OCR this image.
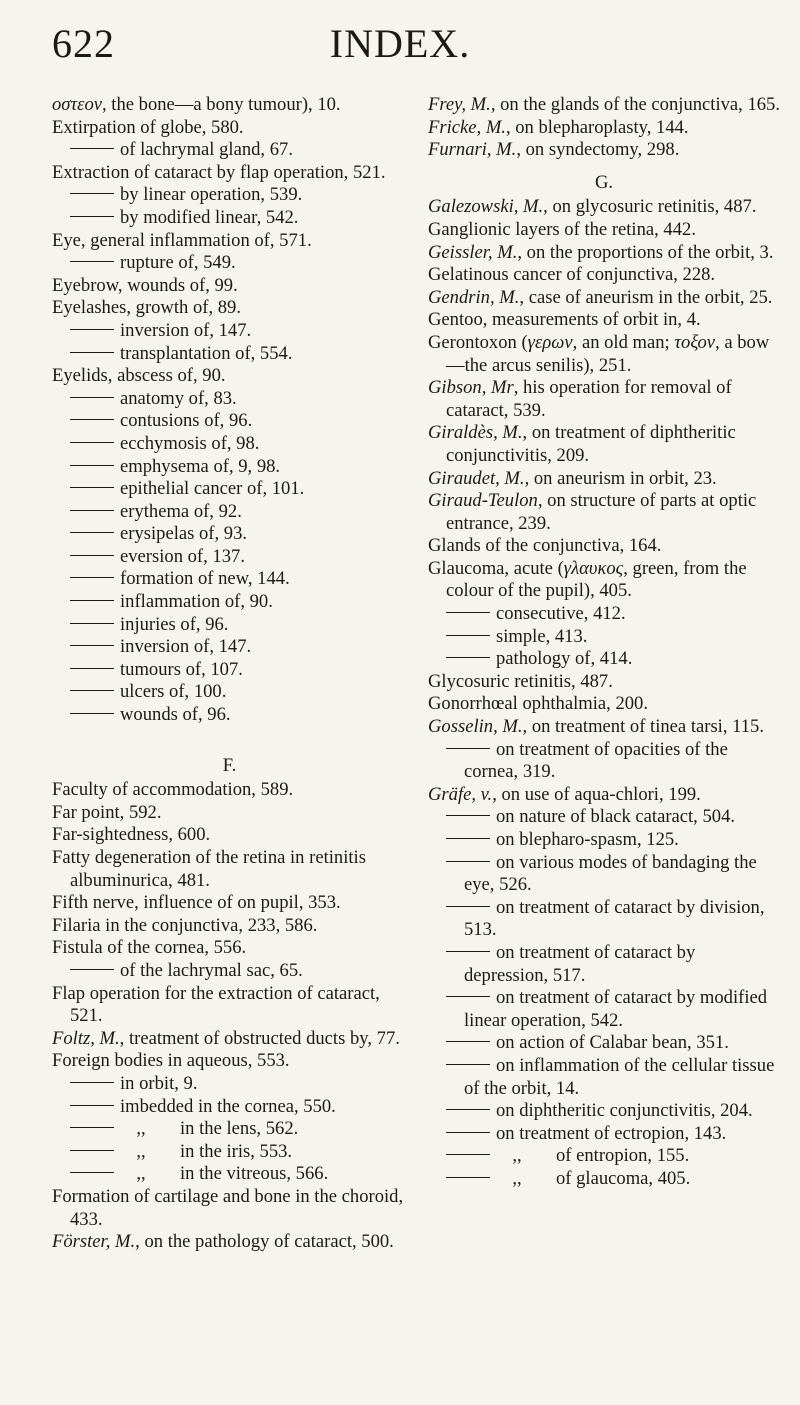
622	INDEX.

οστεον, the bone—a bony tumour), 10.

Extirpation of globe, 580.

of lachrymal gland, 67.

Extraction of cataract by flap operation, 521.

by linear operation, 539.

by modified linear, 542.

Eye, general inflammation of, 571.

rupture of, 549.

Eyebrow, wounds of, 99.

Eyelashes, growth of, 89.

inversion of, 147.

transplantation of, 554.

Eyelids, abscess of, 90.

anatomy of, 83.

contusions of, 96.

ecchymosis of, 98.

emphysema of, 9, 98.

epithelial cancer of, 101.

erythema of, 92.

erysipelas of, 93.

eversion of, 137.

formation of new, 144.

inflammation of, 90.

injuries of, 96.

inversion of, 147.

tumours of, 107.

ulcers of, 100.

wounds of, 96.

F.

Faculty of accommodation, 589.

Far point, 592.

Far-sightedness, 600.

Fatty degeneration of the retina in retinitis albuminurica, 481.

Fifth nerve, influence of on pupil, 353.

Filaria in the conjunctiva, 233, 586.

Fistula of the cornea, 556.

of the lachrymal sac, 65.

Flap operation for the extraction of cataract, 521.

Foltz, M., treatment of obstructed ducts by, 77.

Foreign bodies in aqueous, 553.

in orbit, 9.

imbedded in the cornea, 550.

,, in the lens, 562.

,, in the iris, 553.

,, in the vitreous, 566.

Formation of cartilage and bone in the choroid, 433.

Förster, M., on the pathology of cataract, 500.

Frey, M., on the glands of the conjunctiva, 165.

Fricke, M., on blepharoplasty, 144.

Furnari, M., on syndectomy, 298.

G.

Galezowski, M., on glycosuric retinitis, 487.

Ganglionic layers of the retina, 442.

Geissler, M., on the proportions of the orbit, 3.

Gelatinous cancer of conjunctiva, 228.

Gendrin, M., case of aneurism in the orbit, 25.

Gentoo, measurements of orbit in, 4.

Gerontoxon (γερων, an old man; τοξον, a bow—the arcus senilis), 251.

Gibson, Mr, his operation for removal of cataract, 539.

Giraldès, M., on treatment of diphtheritic conjunctivitis, 209.

Giraudet, M., on aneurism in orbit, 23.

Giraud-Teulon, on structure of parts at optic entrance, 239.

Glands of the conjunctiva, 164.

Glaucoma, acute (γλαυκος, green, from the colour of the pupil), 405.

consecutive, 412.

simple, 413.

pathology of, 414.

Glycosuric retinitis, 487.

Gonorrhœal ophthalmia, 200.

Gosselin, M., on treatment of tinea tarsi, 115.

on treatment of opacities of the cornea, 319.

Gräfe, v., on use of aqua-chlori, 199.

on nature of black cataract, 504.

on blepharo-spasm, 125.

on various modes of bandaging the eye, 526.

on treatment of cataract by division, 513.

on treatment of cataract by depression, 517.

on treatment of cataract by modified linear operation, 542.

on action of Calabar bean, 351.

on inflammation of the cellular tissue of the orbit, 14.

on diphtheritic conjunctivitis, 204.

on treatment of ectropion, 143.

,, of entropion, 155.

,, of glaucoma, 405.
